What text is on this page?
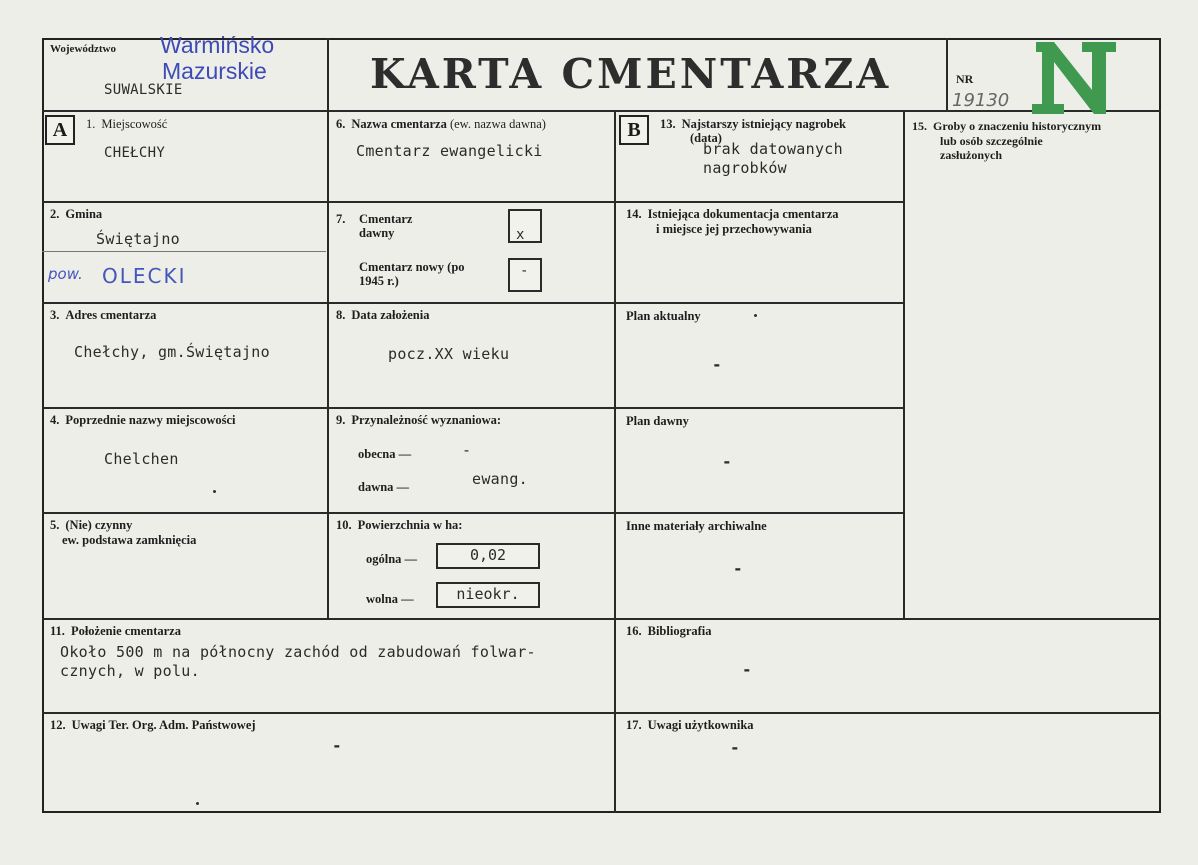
Województwo Warmińsko
Mazurskie
SUWALSKIE	KARTA CMENTARZA	NR
19130
A	B
1. Miejscowość
CHEŁCHY
2. Gmina
Świętajno
pow. OLECKI
3. Adres cmentarza
Chełchy, gm.Świętajno
4. Poprzednie nazwy miejscowości
Chelchen
5. (Nie) czynny
ew. podstawa zamknięcia
6. Nazwa cmentarza (ew. nazwa dawna)
Cmentarz ewangelicki
7. Cmentarz dawny	x
Cmentarz nowy (po 1945 r.)
-
8. Data założenia
pocz.XX wieku
9. Przynależność wyznaniowa:
obecna —	-
dawna —	ewang.
10. Powierzchnia w ha:
ogólna —	0,02
wolna —	nieokr.
11. Położenie cmentarza
Około 500 m na północny zachód od zabudowań folwar-
cznych, w polu.
12. Uwagi Ter. Org. Adm. Państwowej
-
13. Najstarszy istniejący nagrobek
(data)
brak datowanych
nagrobków
14. Istniejąca dokumentacja cmentarza
i miejsce jej przechowywania
Plan aktualny
-
Plan dawny
-
Inne materiały archiwalne
-
15. Groby o znaczeniu historycznym
lub osób szczególnie
zasłużonych
16. Bibliografia
-
17. Uwagi użytkownika
-
